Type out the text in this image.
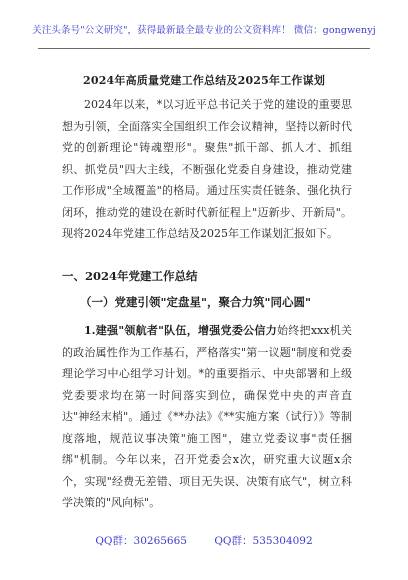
关注头条号"公文研究"，获得最新最全最专业的公文资料库！ 微信：gongwenyj
2024年高质量党建工作总结及2025年工作谋划

2024年以来，*以习近平总书记关于党的建设的重要思想为引领，全面落实全国组织工作会议精神，坚持以新时代党的创新理论"铸魂塑形"。聚焦"抓干部、抓人才、抓组织、抓党员"四大主线，不断强化党委自身建设，推动党建工作形成"全域覆盖"的格局。通过压实责任链条、强化执行闭环，推动党的建设在新时代新征程上"迈新步、开新局"。现将2024年党建工作总结及2025年工作谋划汇报如下。

一、2024年党建工作总结

（一）党建引领"定盘星"，聚合力筑"同心圆"

1.建强"领航者"队伍，增强党委公信力始终把xxx机关的政治属性作为工作基石，严格落实"第一议题"制度和党委理论学习中心组学习计划。*的重要指示、中央部署和上级党委要求均在第一时间落实到位，确保党中央的声音直达"神经末梢"。通过《**办法》《**实施方案（试行）》等制度落地，规范议事决策"施工图"，建立党委议事"责任捆绑"机制。今年以来，召开党委会x次，研究重大议题x余个，实现"经费无差错、项目无失误、决策有底气"，树立科学决策的"风向标"。

QQ群：30265665	QQ群：535304092
